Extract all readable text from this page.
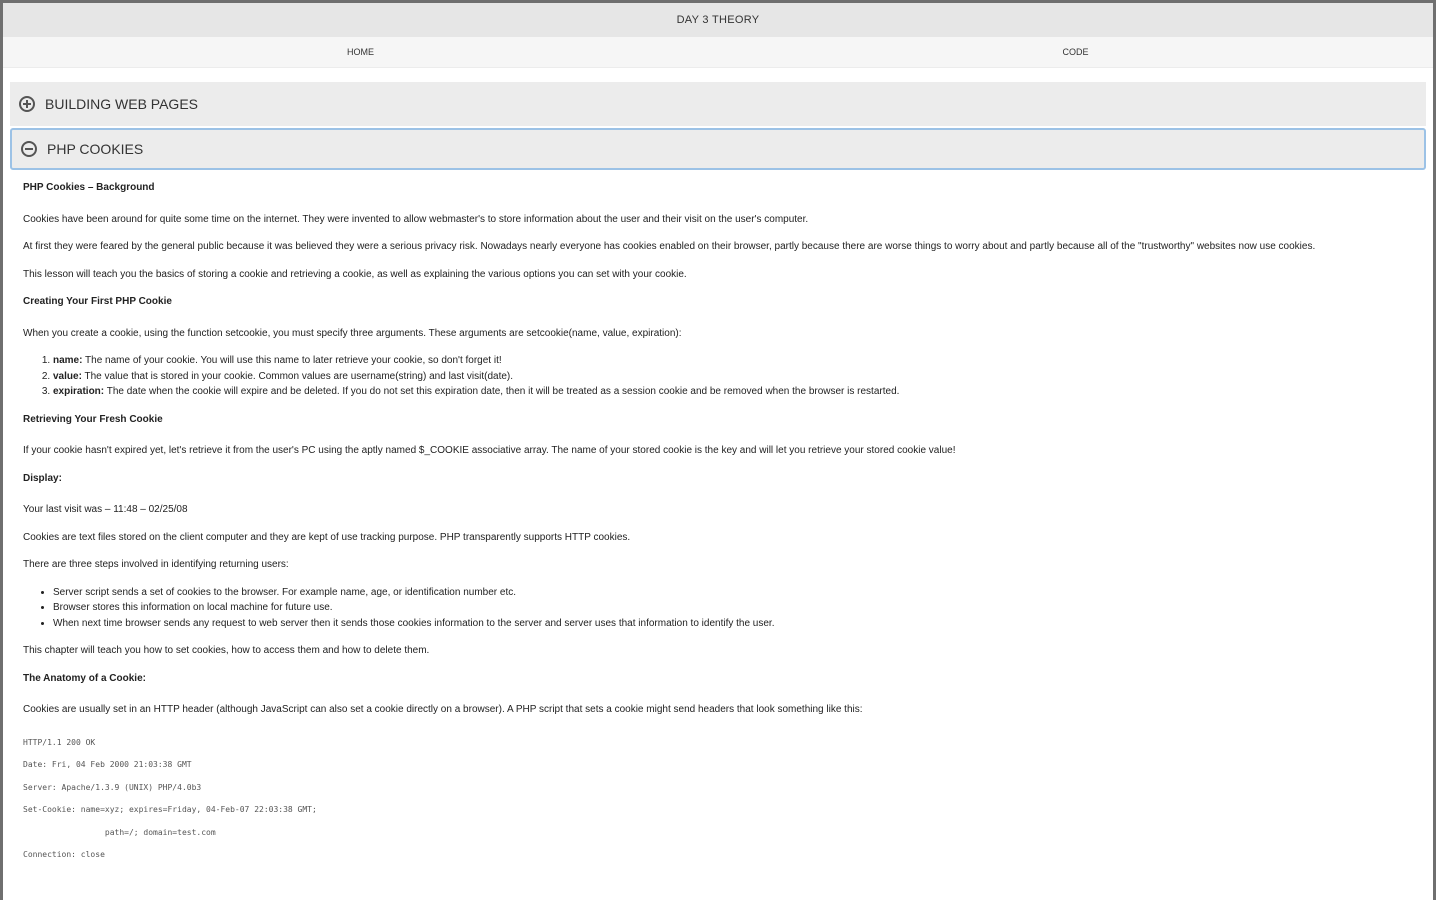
DAY 3 THEORY
HOME	CODE
BUILDING WEB PAGES
PHP COOKIES
PHP Cookies – Background

Cookies have been around for quite some time on the internet. They were invented to allow webmaster's to store information about the user and their visit on the user's computer.

At first they were feared by the general public because it was believed they were a serious privacy risk. Nowadays nearly everyone has cookies enabled on their browser, partly because there are worse things to worry about and partly because all of the "trustworthy" websites now use cookies.

This lesson will teach you the basics of storing a cookie and retrieving a cookie, as well as explaining the various options you can set with your cookie.

Creating Your First PHP Cookie

When you create a cookie, using the function setcookie, you must specify three arguments. These arguments are setcookie(name, value, expiration):

1. name: The name of your cookie. You will use this name to later retrieve your cookie, so don't forget it!
2. value: The value that is stored in your cookie. Common values are username(string) and last visit(date).
3. expiration: The date when the cookie will expire and be deleted. If you do not set this expiration date, then it will be treated as a session cookie and be removed when the browser is restarted.
Retrieving Your Fresh Cookie

If your cookie hasn't expired yet, let's retrieve it from the user's PC using the aptly named $_COOKIE associative array. The name of your stored cookie is the key and will let you retrieve your stored cookie value!

Display:

Your last visit was – 11:48 – 02/25/08

Cookies are text files stored on the client computer and they are kept of use tracking purpose. PHP transparently supports HTTP cookies.

There are three steps involved in identifying returning users:

• Server script sends a set of cookies to the browser. For example name, age, or identification number etc.
• Browser stores this information on local machine for future use.
• When next time browser sends any request to web server then it sends those cookies information to the server and server uses that information to identify the user.

This chapter will teach you how to set cookies, how to access them and how to delete them.

The Anatomy of a Cookie:

Cookies are usually set in an HTTP header (although JavaScript can also set a cookie directly on a browser). A PHP script that sets a cookie might send headers that look something like this:

HTTP/1.1 200 OK
Date: Fri, 04 Feb 2000 21:03:38 GMT
Server: Apache/1.3.9 (UNIX) PHP/4.0b3
Set-Cookie: name=xyz; expires=Friday, 04-Feb-07 22:03:38 GMT;
path=/; domain=test.com
Connection: close
